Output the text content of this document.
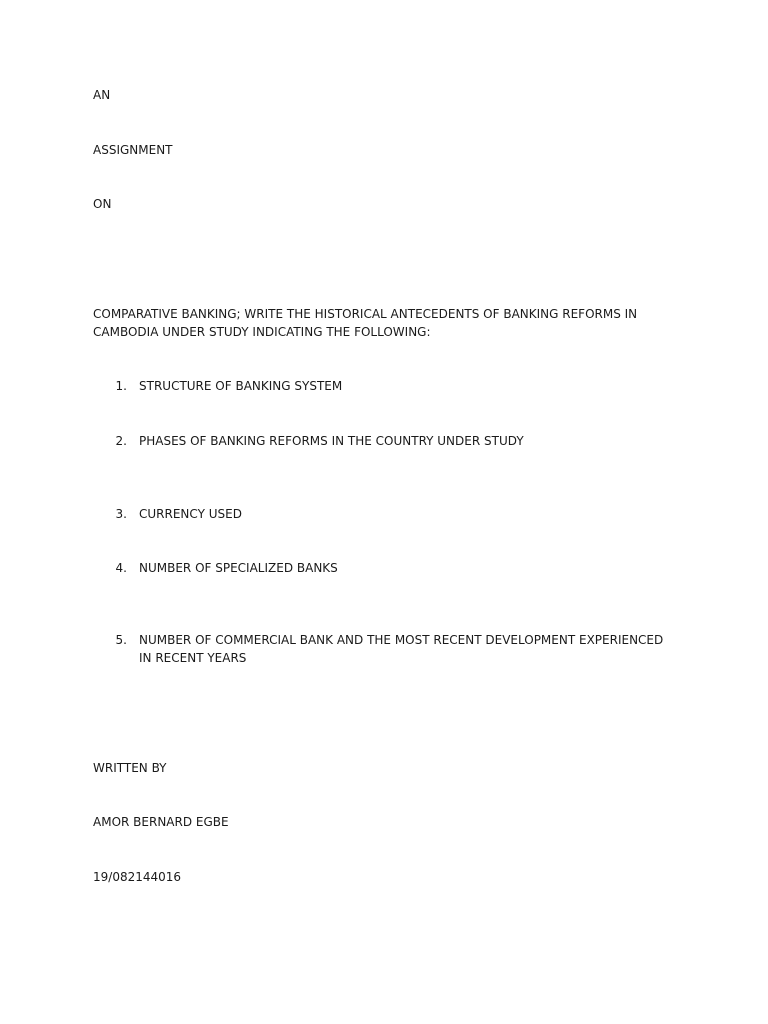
AN
ASSIGNMENT
ON
COMPARATIVE BANKING; WRITE THE HISTORICAL ANTECEDENTS OF BANKING REFORMS IN CAMBODIA UNDER STUDY INDICATING THE FOLLOWING:
1. STRUCTURE OF BANKING SYSTEM
2. PHASES OF BANKING REFORMS IN THE COUNTRY UNDER STUDY
3. CURRENCY USED
4. NUMBER OF SPECIALIZED BANKS
5. NUMBER OF COMMERCIAL BANK AND THE MOST RECENT DEVELOPMENT EXPERIENCED IN RECENT YEARS
WRITTEN BY
AMOR BERNARD EGBE
19/082144016
